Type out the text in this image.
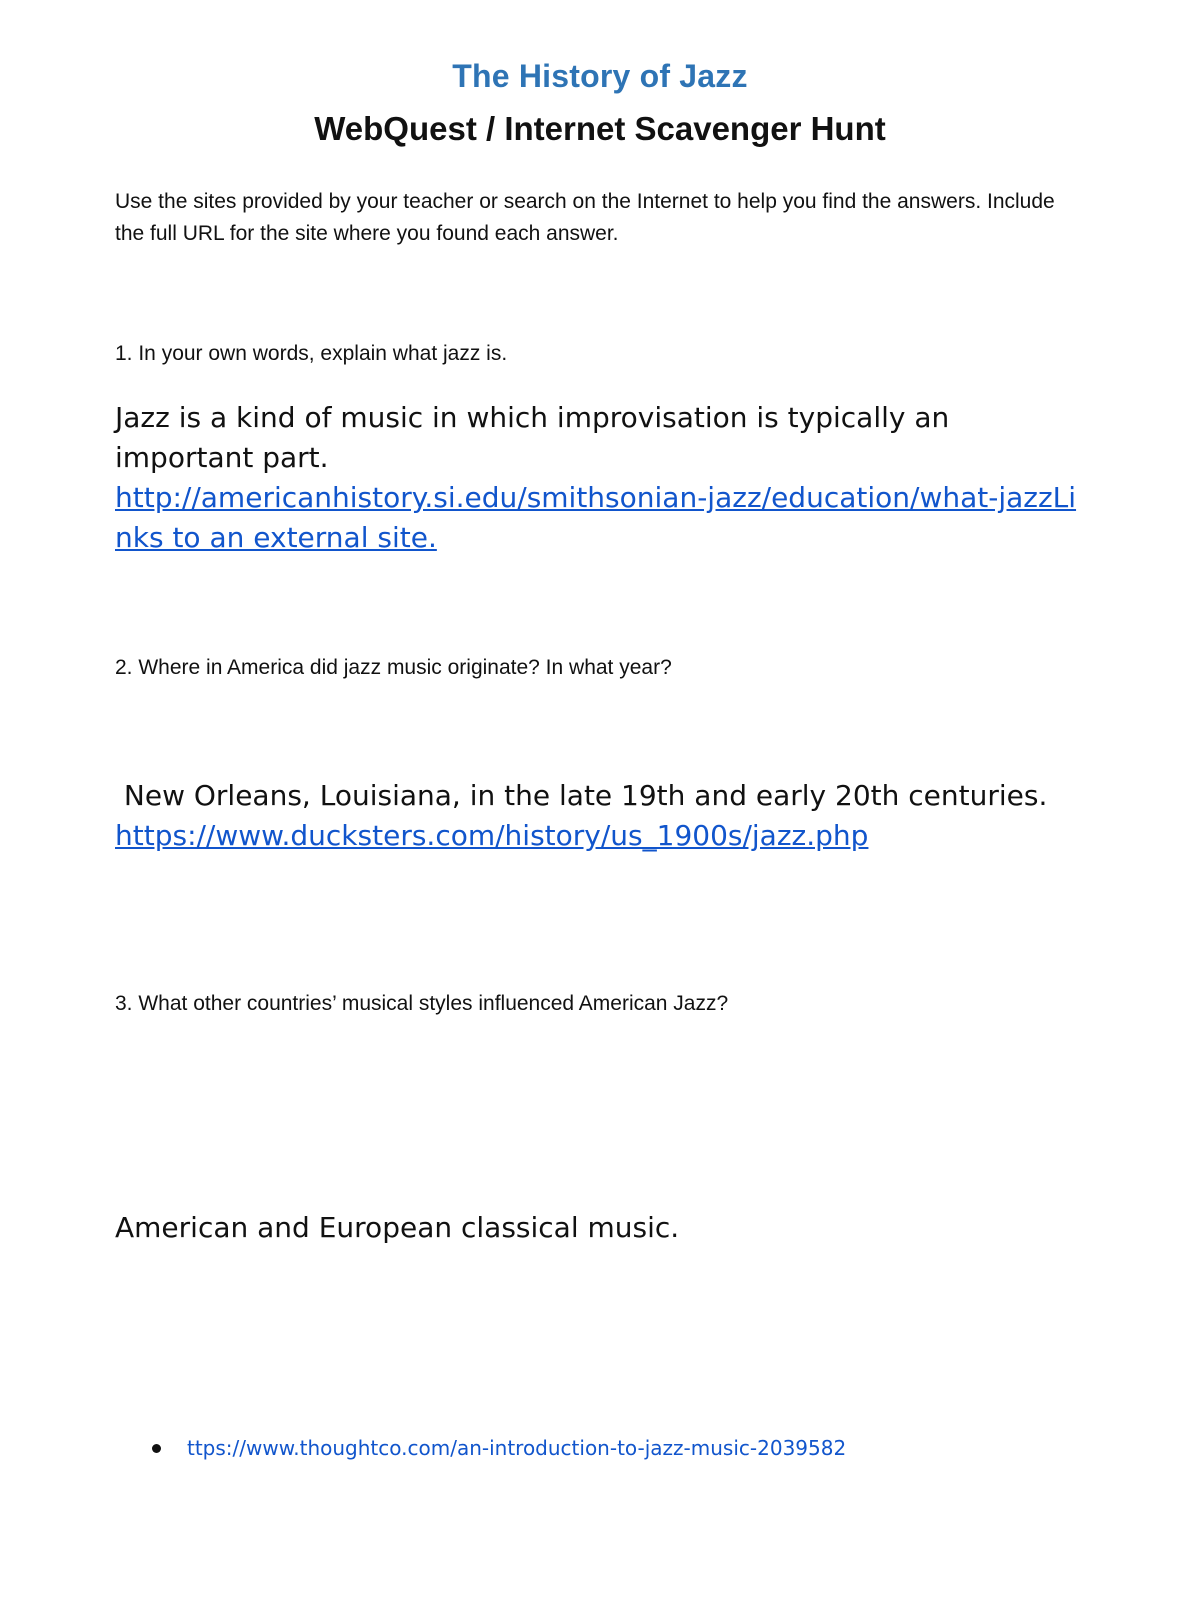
The History of Jazz
WebQuest / Internet Scavenger Hunt
Use the sites provided by your teacher or search on the Internet to help you find the answers. Include the full URL for the site where you found each answer.
1. In your own words, explain what jazz is.
Jazz is a kind of music in which improvisation is typically an important part.
http://americanhistory.si.edu/smithsonian-jazz/education/what-jazzLinks to an external site.
2. Where in America did jazz music originate? In what year?
New Orleans, Louisiana, in the late 19th and early 20th centuries.
https://www.ducksters.com/history/us_1900s/jazz.php
3. What other countries’ musical styles influenced American Jazz?
American and European classical music.
ttps://www.thoughtco.com/an-introduction-to-jazz-music-2039582
